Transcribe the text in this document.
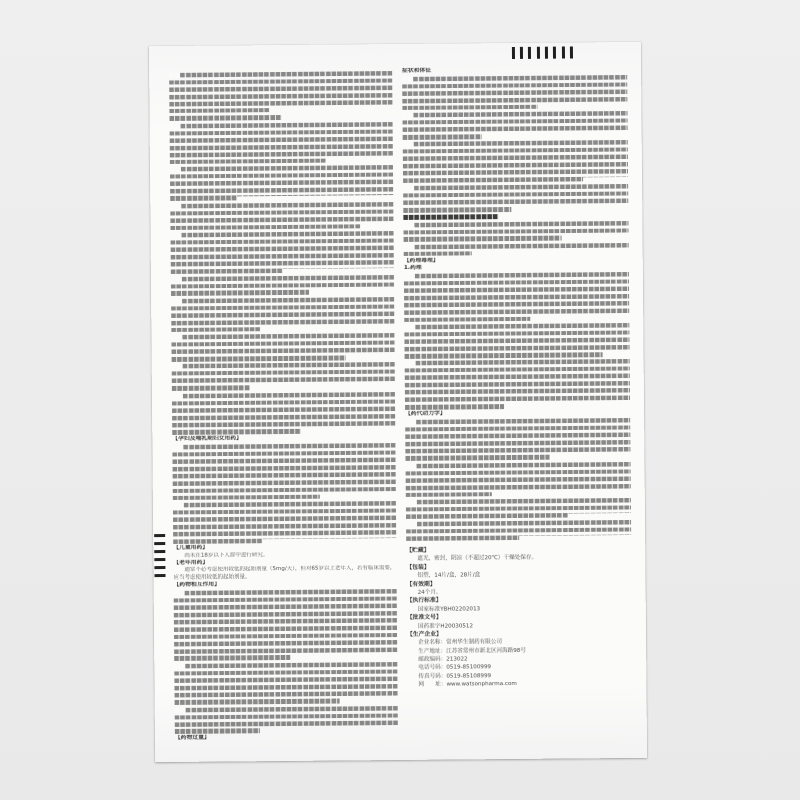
【孕妇及哺乳期妇女用药】
【儿童用药】
尚未在18岁以下人群中进行研究。
【老年用药】
通常不必考虑使用较低的起始剂量（5mg/天），但对65岁以上老年人，若有临床需要，应当考虑使用较低的起始剂量。
【药物相互作用】
【药物过量】
症状和体征
【药理毒理】
1.药理
【药代动力学】
【贮藏】
遮光，密封，阴凉（不超过20℃）干燥处保存。
【包装】
铝塑，14片/盒，28片/盒
【有效期】
24个月。
【执行标准】
国家标准YBH02202013
【批准文号】
国药准字H20030512
【生产企业】
企业名称：常州华生制药有限公司
生产地址：江苏省常州市新北区河海路98号
邮政编码：213022
电话号码：0519-85100999
传真号码：0519-85108999
网　　址：www.watsonpharma.com
